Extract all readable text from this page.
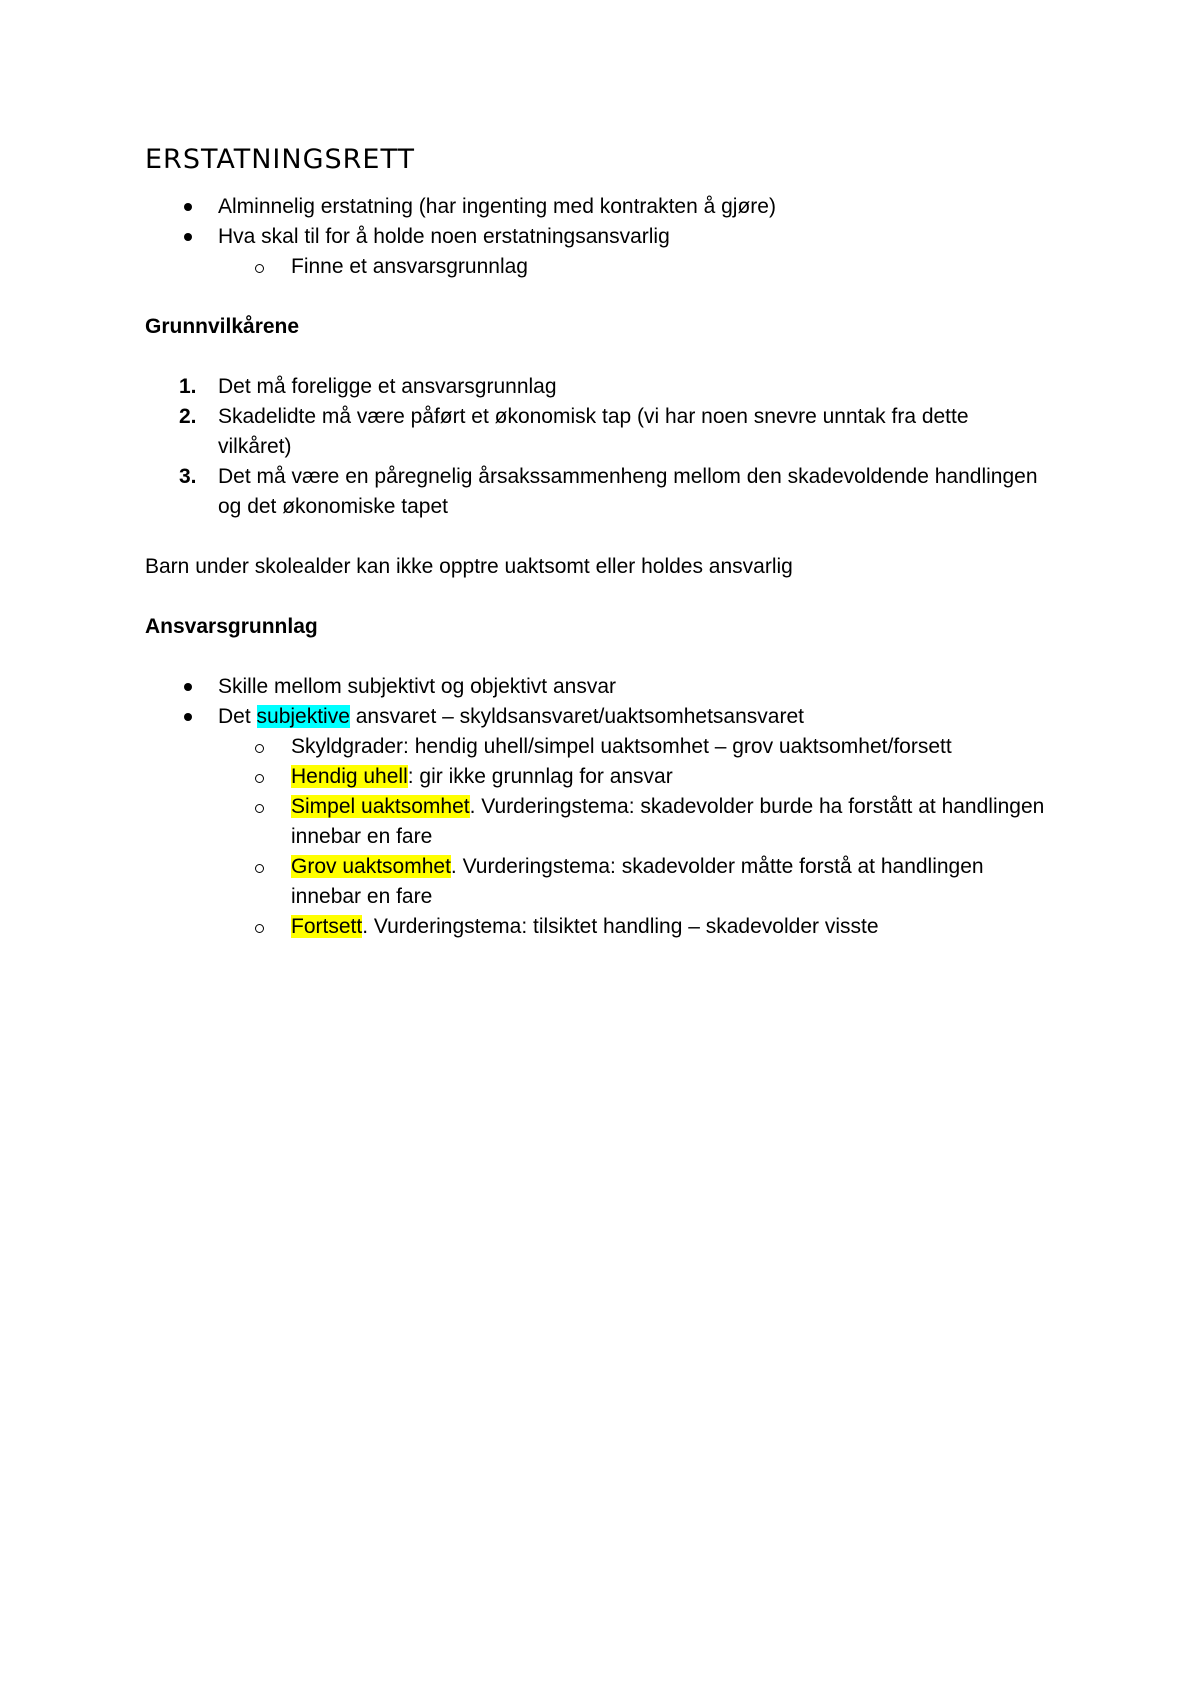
ERSTATNINGSRETT
Alminnelig erstatning (har ingenting med kontrakten å gjøre)
Hva skal til for å holde noen erstatningsansvarlig
Finne et ansvarsgrunnlag
Grunnvilkårene
1. Det må foreligge et ansvarsgrunnlag
2. Skadelidte må være påført et økonomisk tap (vi har noen snevre unntak fra dette vilkåret)
3. Det må være en påregnelig årsakssammenheng mellom den skadevoldende handlingen og det økonomiske tapet

Barn under skolealder kan ikke opptre uaktsomt eller holdes ansvarlig

Ansvarsgrunnlag
Skille mellom subjektivt og objektivt ansvar
Det subjektive ansvaret – skyldsansvaret/uaktsomhetsansvaret
Skyldgrader: hendig uhell/simpel uaktsomhet – grov uaktsomhet/forsett
Hendig uhell: gir ikke grunnlag for ansvar
Simpel uaktsomhet. Vurderingstema: skadevolder burde ha forstått at handlingen innebar en fare
Grov uaktsomhet. Vurderingstema: skadevolder måtte forstå at handlingen innebar en fare
Fortsett. Vurderingstema: tilsiktet handling – skadevolder visste
